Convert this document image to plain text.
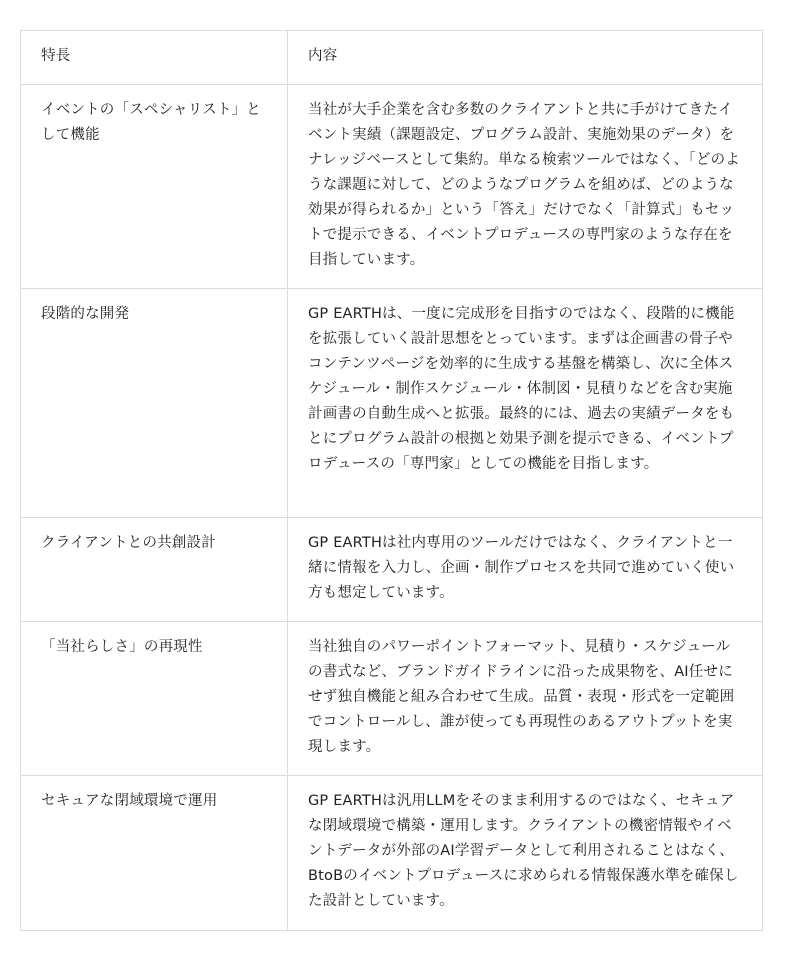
特長	内容
イベントの「スペシャリスト」として機能	当社が大手企業を含む多数のクライアントと共に手がけてきたイベント実績（課題設定、プログラム設計、実施効果のデータ）をナレッジベースとして集約。単なる検索ツールではなく、「どのような課題に対して、どのようなプログラムを組めば、どのような効果が得られるか」という「答え」だけでなく「計算式」もセットで提示できる、イベントプロデュースの専門家のような存在を目指しています。
段階的な開発	GP EARTHは、一度に完成形を目指すのではなく、段階的に機能を拡張していく設計思想をとっています。まずは企画書の骨子やコンテンツページを効率的に生成する基盤を構築し、次に全体スケジュール・制作スケジュール・体制図・見積りなどを含む実施計画書の自動生成へと拡張。最終的には、過去の実績データをもとにプログラム設計の根拠と効果予測を提示できる、イベントプロデュースの「専門家」としての機能を目指します。
クライアントとの共創設計	GP EARTHは社内専用のツールだけではなく、クライアントと一緒に情報を入力し、企画・制作プロセスを共同で進めていく使い方も想定しています。
「当社らしさ」の再現性	当社独自のパワーポイントフォーマット、見積り・スケジュールの書式など、ブランドガイドラインに沿った成果物を、AI任せにせず独自機能と組み合わせて生成。品質・表現・形式を一定範囲でコントロールし、誰が使っても再現性のあるアウトプットを実現します。
セキュアな閉域環境で運用	GP EARTHは汎用LLMをそのまま利用するのではなく、セキュアな閉域環境で構築・運用します。クライアントの機密情報やイベントデータが外部のAI学習データとして利用されることはなく、BtoBのイベントプロデュースに求められる情報保護水準を確保した設計としています。
